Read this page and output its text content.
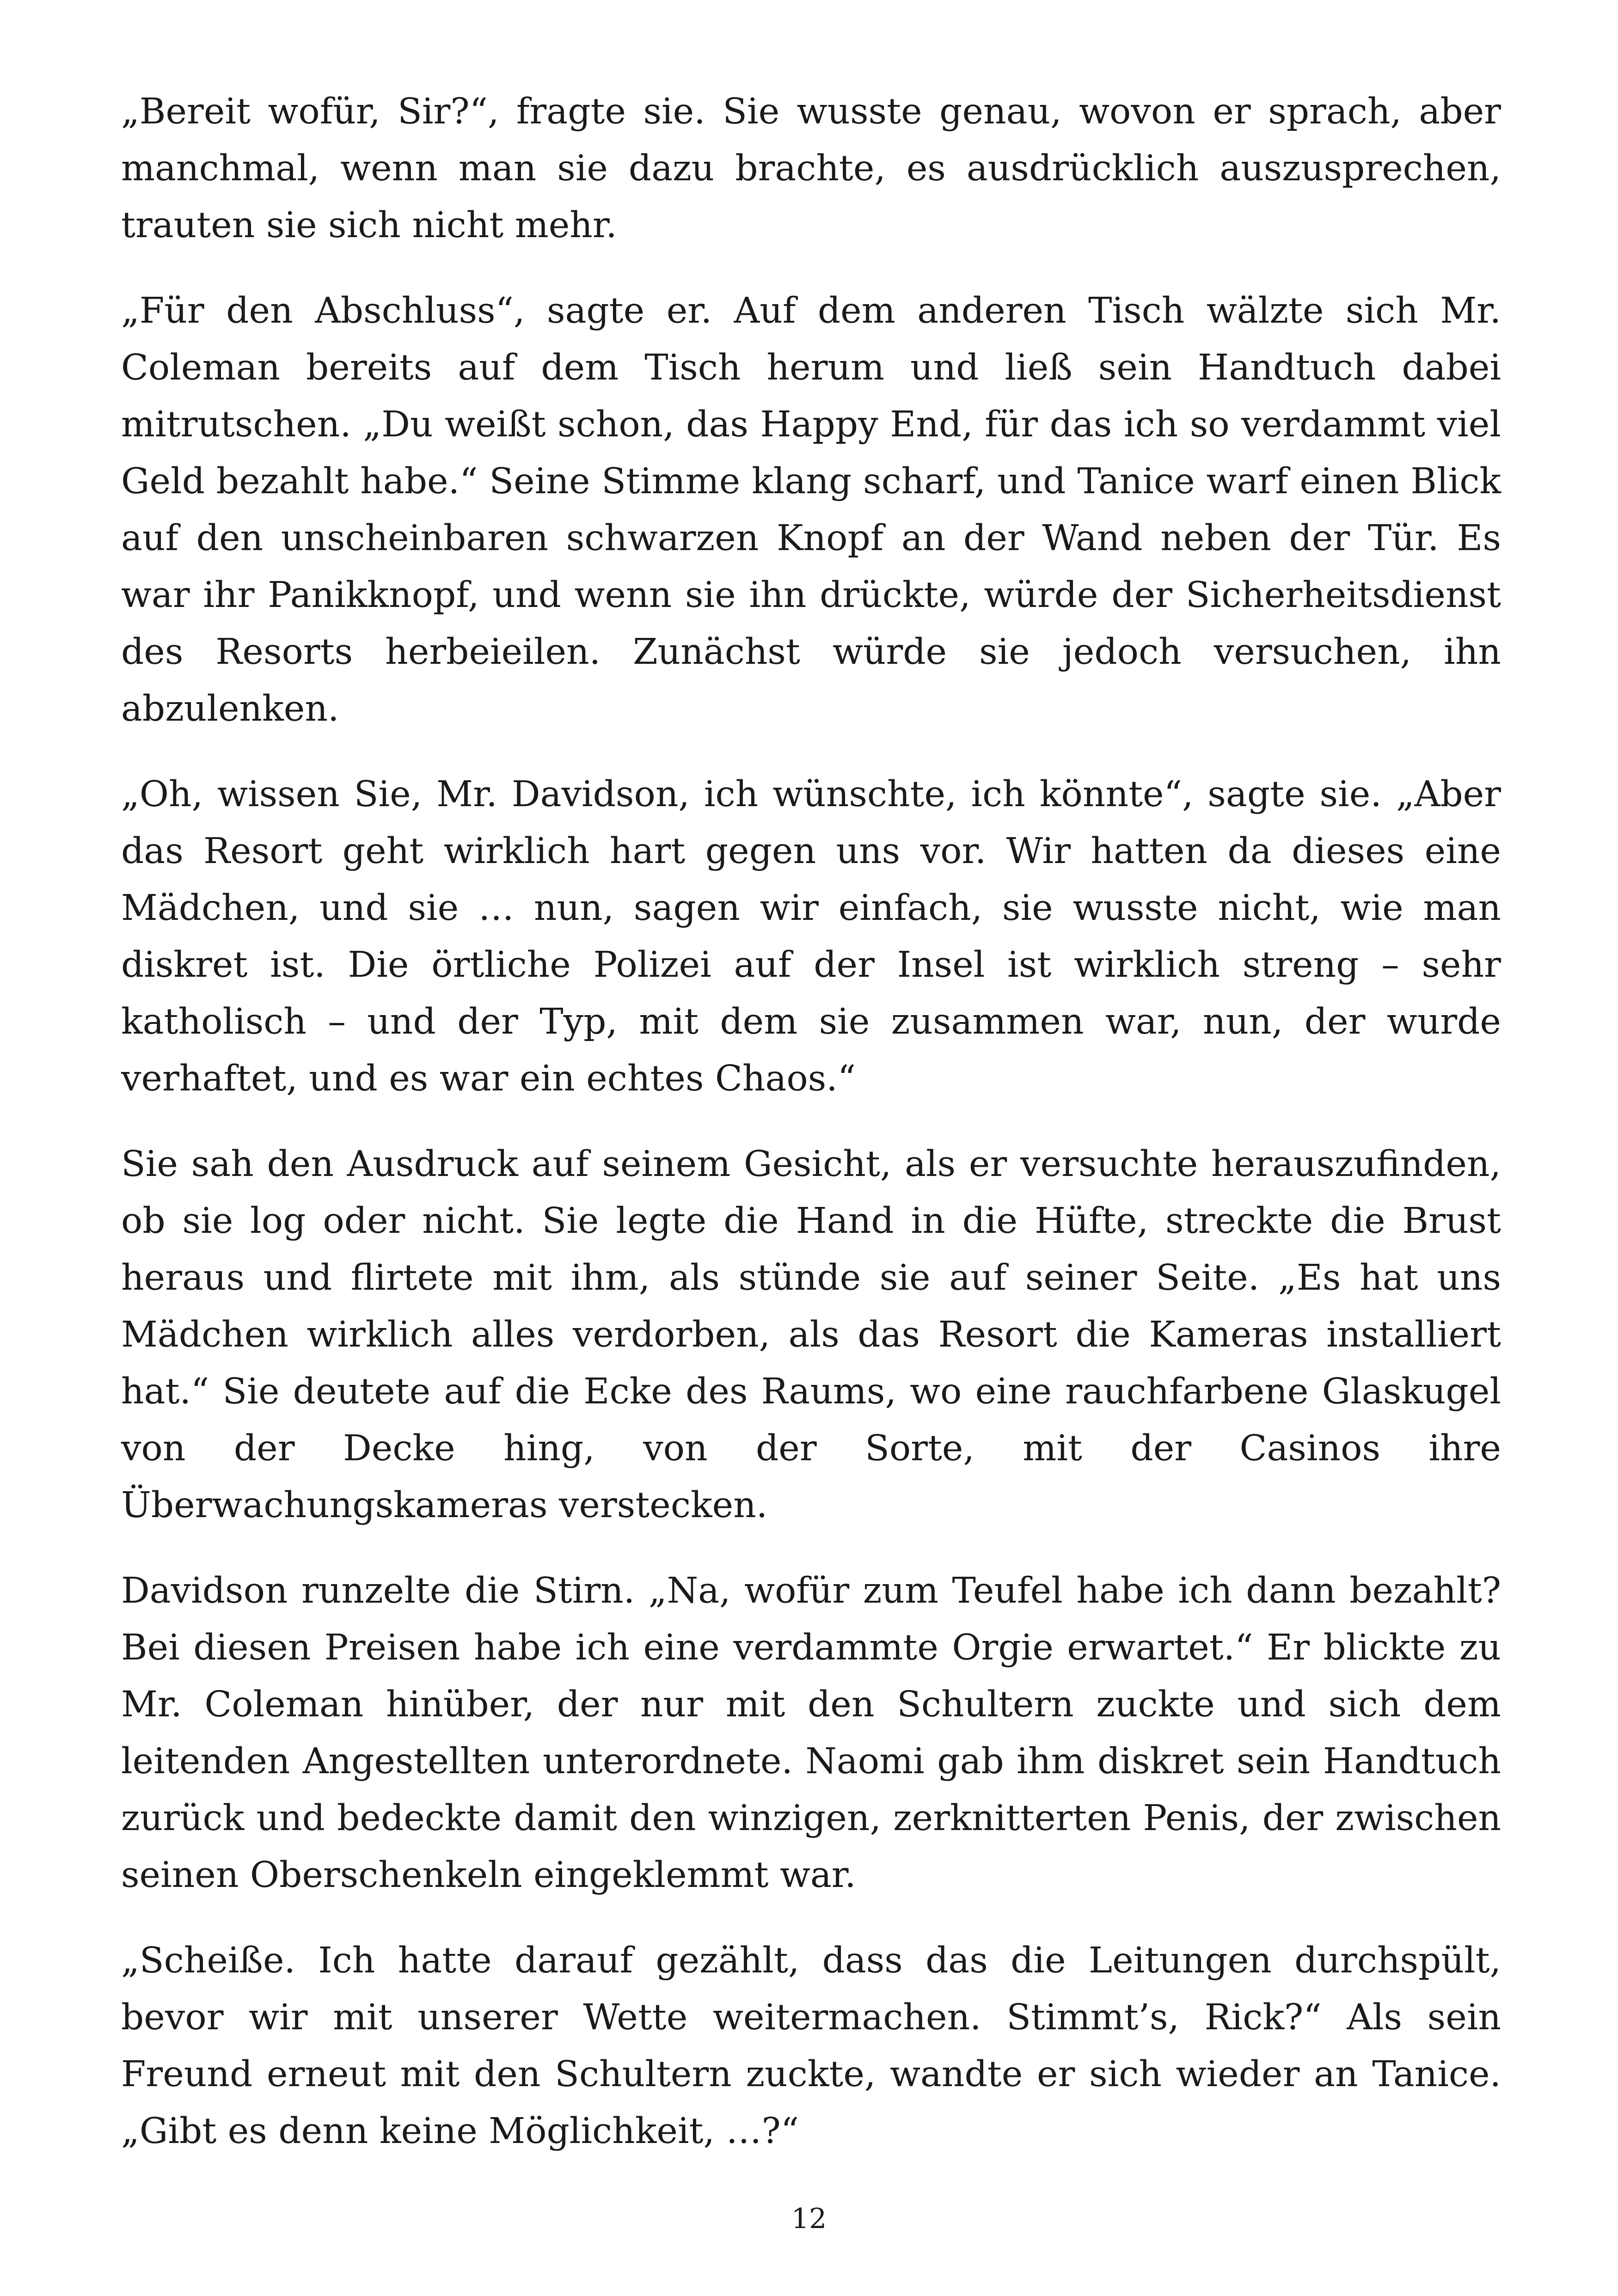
„Bereit wofür, Sir?“, fragte sie. Sie wusste genau, wovon er sprach, aber manchmal, wenn man sie dazu brachte, es ausdrücklich auszusprechen, trauten sie sich nicht mehr.

„Für den Abschluss“, sagte er. Auf dem anderen Tisch wälzte sich Mr. Coleman bereits auf dem Tisch herum und ließ sein Handtuch dabei mitrutschen. „Du weißt schon, das Happy End, für das ich so verdammt viel Geld bezahlt habe.“ Seine Stimme klang scharf, und Tanice warf einen Blick auf den unscheinbaren schwarzen Knopf an der Wand neben der Tür. Es war ihr Panikknopf, und wenn sie ihn drückte, würde der Sicherheitsdienst des Resorts herbeieilen. Zunächst würde sie jedoch versuchen, ihn abzulenken.

„Oh, wissen Sie, Mr. Davidson, ich wünschte, ich könnte“, sagte sie. „Aber das Resort geht wirklich hart gegen uns vor. Wir hatten da dieses eine Mädchen, und sie … nun, sagen wir einfach, sie wusste nicht, wie man diskret ist. Die örtliche Polizei auf der Insel ist wirklich streng – sehr katholisch – und der Typ, mit dem sie zusammen war, nun, der wurde verhaftet, und es war ein echtes Chaos.“

Sie sah den Ausdruck auf seinem Gesicht, als er versuchte herauszufinden, ob sie log oder nicht. Sie legte die Hand in die Hüfte, streckte die Brust heraus und flirtete mit ihm, als stünde sie auf seiner Seite. „Es hat uns Mädchen wirklich alles verdorben, als das Resort die Kameras installiert hat.“ Sie deutete auf die Ecke des Raums, wo eine rauchfarbene Glaskugel von der Decke hing, von der Sorte, mit der Casinos ihre Überwachungskameras verstecken.

Davidson runzelte die Stirn. „Na, wofür zum Teufel habe ich dann bezahlt? Bei diesen Preisen habe ich eine verdammte Orgie erwartet.“ Er blickte zu Mr. Coleman hinüber, der nur mit den Schultern zuckte und sich dem leitenden Angestellten unterordnete. Naomi gab ihm diskret sein Handtuch zurück und bedeckte damit den winzigen, zerknitterten Penis, der zwischen seinen Oberschenkeln eingeklemmt war.

„Scheiße. Ich hatte darauf gezählt, dass das die Leitungen durchspült, bevor wir mit unserer Wette weitermachen. Stimmt’s, Rick?“ Als sein Freund erneut mit den Schultern zuckte, wandte er sich wieder an Tanice. „Gibt es denn keine Möglichkeit, …?“

12
